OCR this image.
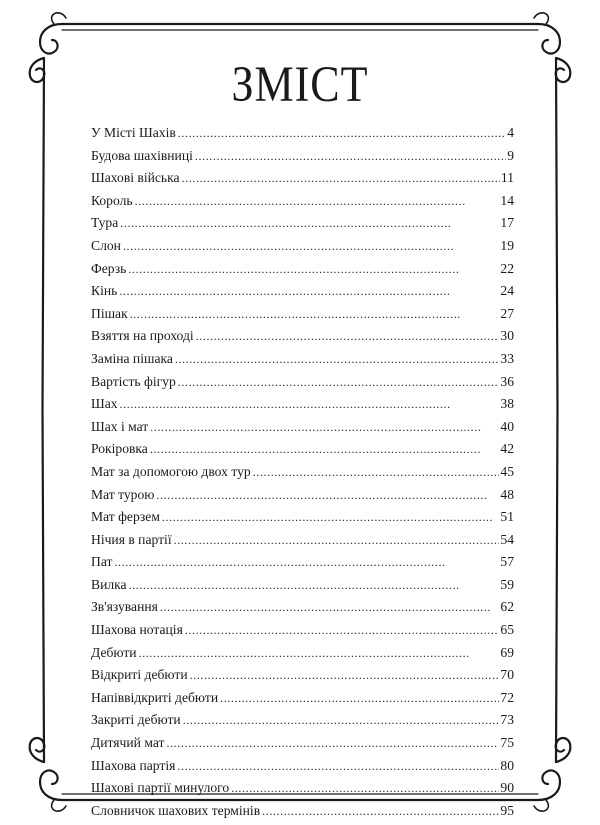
ЗМІСТ
У Місті Шахів . . .	4
Будова шахівниці . . .	9
Шахові війська . . .	11
Король . . .	14
Тура . . .	17
Слон . . .	19
Ферзь . . .	22
Кінь . . .	24
Пішак . . .	27
Взяття на проході . . .	30
Заміна пішака . . .	33
Вартість фігур . . .	36
Шах . . .	38
Шах і мат . . .	40
Рокіровка . . .	42
Мат за допомогою двох тур . . .	45
Мат турою . . .	48
Мат ферзем . . .	51
Нічия в партії . . .	54
Пат . . .	57
Вилка . . .	59
Зв'язування . . .	62
Шахова нотація . . .	65
Дебюти . . .	69
Відкриті дебюти . . .	70
Напіввідкриті дебюти . . .	72
Закриті дебюти . . .	73
Дитячий мат . . .	75
Шахова партія . . .	80
Шахові партії минулого . . .	90
Словничок шахових термінів . . .	95
